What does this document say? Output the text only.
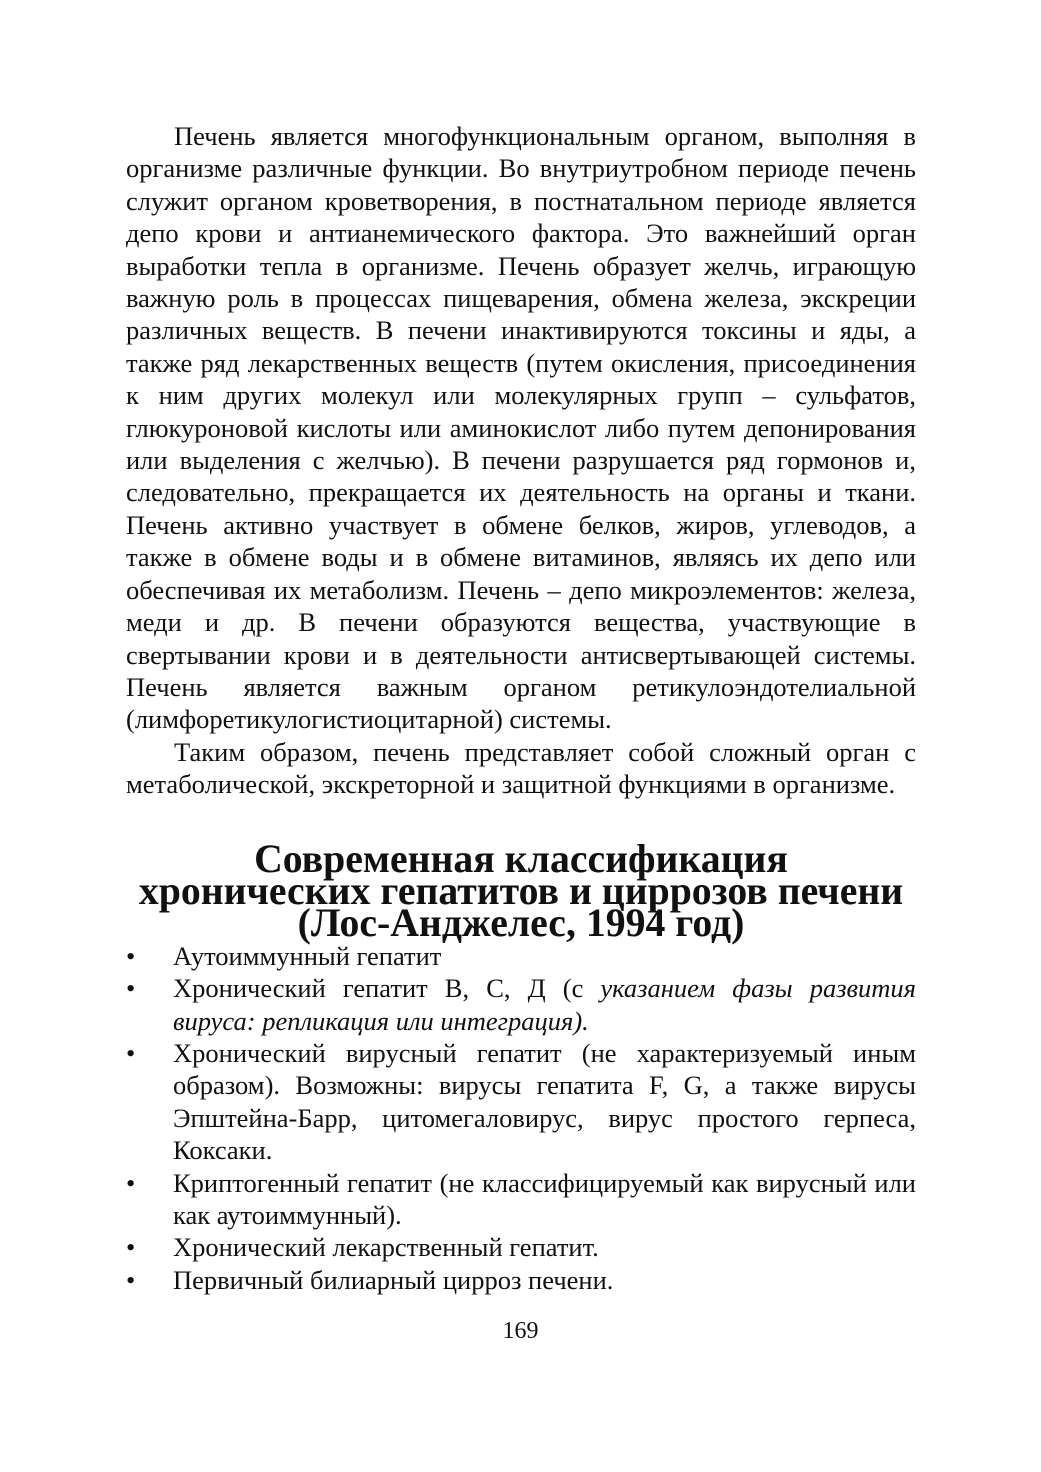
Печень является многофункциональным органом, выполняя в организме различные функции. Во внутриутробном периоде печень служит органом кроветворения, в постнатальном периоде является депо крови и антианемического фактора. Это важнейший орган выработки тепла в организме. Печень образует желчь, играющую важную роль в процессах пищеварения, обмена железа, экскреции различных веществ. В печени инактивируются токсины и яды, а также ряд лекарственных веществ (путем окисления, присоединения к ним других молекул или молекулярных групп – сульфатов, глюкуроновой кислоты или аминокислот либо путем депонирования или выделения с желчью). В печени разрушается ряд гормонов и, следовательно, прекращается их деятельность на органы и ткани. Печень активно участвует в обмене белков, жиров, углеводов, а также в обмене воды и в обмене витаминов, являясь их депо или обеспечивая их метаболизм. Печень – депо микроэлементов: железа, меди и др. В печени образуются вещества, участвующие в свертывании крови и в деятельности антисвертывающей системы. Печень является важным органом ретикулоэндотелиальной (лимфоретикулогистиоцитарной) системы.

Таким образом, печень представляет собой сложный орган с метаболической, экскреторной и защитной функциями в организме.

Современная классификация
хронических гепатитов и циррозов печени
(Лос-Анджелес, 1994 год)
•	Аутоиммунный гепатит
•	Хронический гепатит В, С, Д (с указанием фазы развития вируса: репликация или интеграция).
•	Хронический вирусный гепатит (не характеризуемый иным образом). Возможны: вирусы гепатита F, G, а также вирусы Эпштейна-Барр, цитомегаловирус, вирус простого герпеса, Коксаки.
•	Криптогенный гепатит (не классифицируемый как вирусный или как аутоиммунный).
•	Хронический лекарственный гепатит.
•	Первичный билиарный цирроз печени.
169
